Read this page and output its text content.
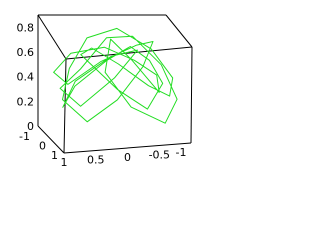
0.8
0.6
0.4
0.2
0
1
0
-1
1 0.5 0 -0.5 -1
